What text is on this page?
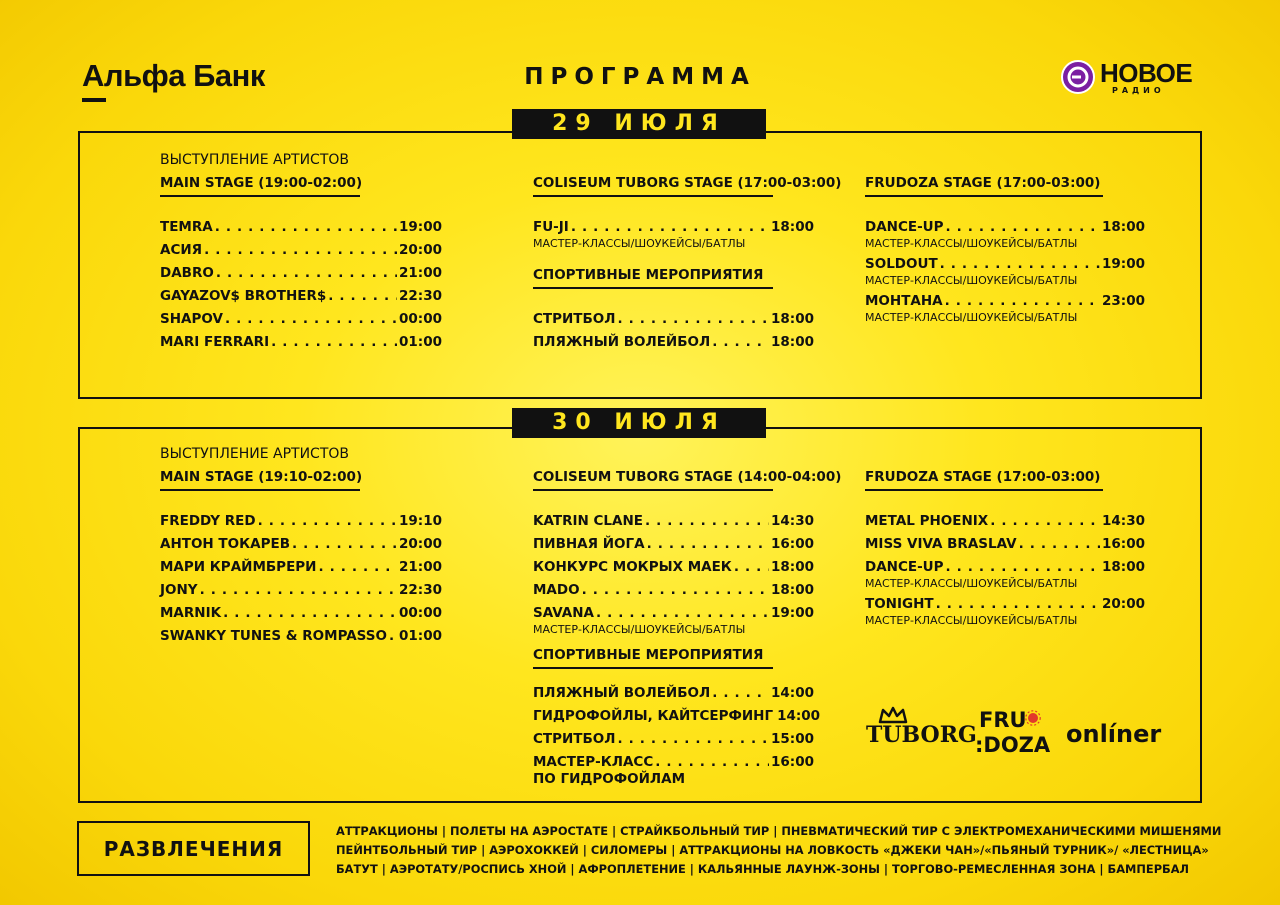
Альфа Банк	ПРОГРАММА	НОВОЕ
РАДИО
29 ИЮЛЯ
ВЫСТУПЛЕНИЕ АРТИСТОВ
MAIN STAGE (19:00-02:00)
TEMRA .....	19:00
АСИЯ .....	20:00
DABRO .....	21:00
GAYAZOV$ BROTHER$ .....	22:30
SHAPOV .....	00:00
MARI FERRARI .....	01:00
COLISEUM TUBORG STAGE (17:00-03:00)
FU-JI .....	18:00
МАСТЕР-КЛАССЫ/ШОУКЕЙСЫ/БАТЛЫ
СПОРТИВНЫЕ МЕРОПРИЯТИЯ
СТРИТБОЛ .....	18:00
ПЛЯЖНЫЙ ВОЛЕЙБОЛ .....	18:00
FRUDOZA STAGE (17:00-03:00)
DANCE-UP .....	18:00
МАСТЕР-КЛАССЫ/ШОУКЕЙСЫ/БАТЛЫ
SOLDOUT .....	19:00
МАСТЕР-КЛАССЫ/ШОУКЕЙСЫ/БАТЛЫ
МОНТАНА .....	23:00
МАСТЕР-КЛАССЫ/ШОУКЕЙСЫ/БАТЛЫ
30 ИЮЛЯ
ВЫСТУПЛЕНИЕ АРТИСТОВ
MAIN STAGE (19:10-02:00)
FREDDY RED .....	19:10
АНТОН ТОКАРЕВ .....	20:00
МАРИ КРАЙМБРЕРИ .....	21:00
JONY .....	22:30
MARNIK .....	00:00
SWANKY TUNES & ROMPASSO ..... 01:00
COLISEUM TUBORG STAGE (14:00-04:00)
KATRIN CLANE .....	14:30
ПИВНАЯ ЙОГА .....	16:00
КОНКУРС МОКРЫХ МАЕК .....	18:00
MADO .....	18:00
SAVANA .....	19:00
МАСТЕР-КЛАССЫ/ШОУКЕЙСЫ/БАТЛЫ
СПОРТИВНЫЕ МЕРОПРИЯТИЯ
ПЛЯЖНЫЙ ВОЛЕЙБОЛ .....	14:00
ГИДРОФОЙЛЫ, КАЙТСЕРФИНГ 14:00
СТРИТБОЛ .....	15:00
МАСТЕР-КЛАСС .....	16:00
ПО ГИДРОФОЙЛАМ
FRUDOZA STAGE (17:00-03:00)
METAL PHOENIX .....	14:30
MISS VIVA BRASLAV .....	16:00
DANCE-UP .....	18:00
МАСТЕР-КЛАССЫ/ШОУКЕЙСЫ/БАТЛЫ
TONIGHT .....	20:00
МАСТЕР-КЛАССЫ/ШОУКЕЙСЫ/БАТЛЫ
TUBORG
FRU
:DOZA onlíner
РАЗВЛЕЧЕНИЯ
АТТРАКЦИОНЫ | ПОЛЕТЫ НА АЭРОСТАТЕ | СТРАЙКБОЛЬНЫЙ ТИР | ПНЕВМАТИЧЕСКИЙ ТИР С ЭЛЕКТРОМЕХАНИЧЕСКИМИ МИШЕНЯМИ
ПЕЙНТБОЛЬНЫЙ ТИР | АЭРОХОККЕЙ | СИЛОМЕРЫ | АТТРАКЦИОНЫ НА ЛОВКОСТЬ «ДЖЕКИ ЧАН»/«ПЬЯНЫЙ ТУРНИК»/ «ЛЕСТНИЦА»
БАТУТ | АЭРОТАТУ/РОСПИСЬ ХНОЙ | АФРОПЛЕТЕНИЕ | КАЛЬЯННЫЕ ЛАУНЖ-ЗОНЫ | ТОРГОВО-РЕМЕСЛЕННАЯ ЗОНА | БАМПЕРБАЛ
